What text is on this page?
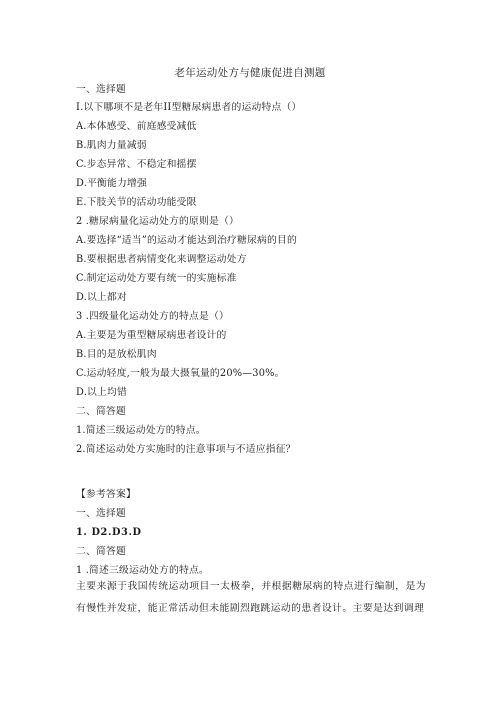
老年运动处方与健康促进自测题
一、选择题
I.以下哪项不是老年II型糖尿病患者的运动特点（）
A.本体感受、前庭感受减低
B.肌肉力量减弱
C.步态异常、不稳定和摇摆
D.平衡能力增强
E.下肢关节的活动功能受限
2 .糖尿病量化运动处方的原则是（）
A.要选择“适当”的运动才能达到治疗糖尿病的目的
B.要根据患者病情变化来调整运动处方
C.制定运动处方要有统一的实施标准
D.以上都对
3 .四级量化运动处方的特点是（）
A.主要是为重型糖尿病患者设计的
B.目的是放松肌肉
C.运动轻度,一般为最大摄氧量的20%—30%。
D.以上均错
二、简答题
1.简述三级运动处方的特点。
2.简述运动处方实施时的注意事项与不适应指征？
【参考答案】
一、选择题
1. D2.D3.D
二、简答题
1 .简述三级运动处方的特点。
主要来源于我国传统运动项目一太极拳，并根据糖尿病的特点进行编制，是为有慢性并发症，能正常活动但未能剧烈跑跳运动的患者设计。主要是达到调理
